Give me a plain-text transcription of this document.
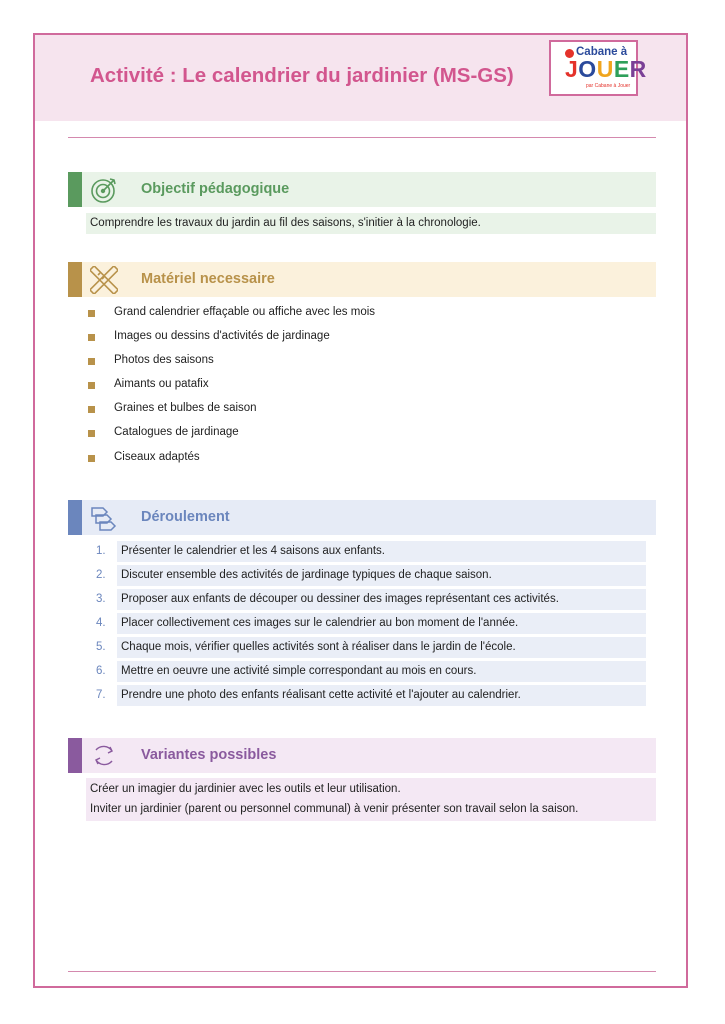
Activité : Le calendrier du jardinier (MS-GS)
Cabane à
JOUER
par Cabane à Jouer
Objectif pédagogique
Comprendre les travaux du jardin au fil des saisons, s'initier à la chronologie.
Matériel necessaire
Grand calendrier effaçable ou affiche avec les mois
Images ou dessins d'activités de jardinage
Photos des saisons
Aimants ou patafix
Graines et bulbes de saison
Catalogues de jardinage
Ciseaux adaptés
Déroulement
1. Présenter le calendrier et les 4 saisons aux enfants.
2. Discuter ensemble des activités de jardinage typiques de chaque saison.
3. Proposer aux enfants de découper ou dessiner des images représentant ces activités.
4. Placer collectivement ces images sur le calendrier au bon moment de l'année.
5. Chaque mois, vérifier quelles activités sont à réaliser dans le jardin de l'école.
6. Mettre en oeuvre une activité simple correspondant au mois en cours.
7. Prendre une photo des enfants réalisant cette activité et l'ajouter au calendrier.
Variantes possibles
Créer un imagier du jardinier avec les outils et leur utilisation.
Inviter un jardinier (parent ou personnel communal) à venir présenter son travail selon la saison.
